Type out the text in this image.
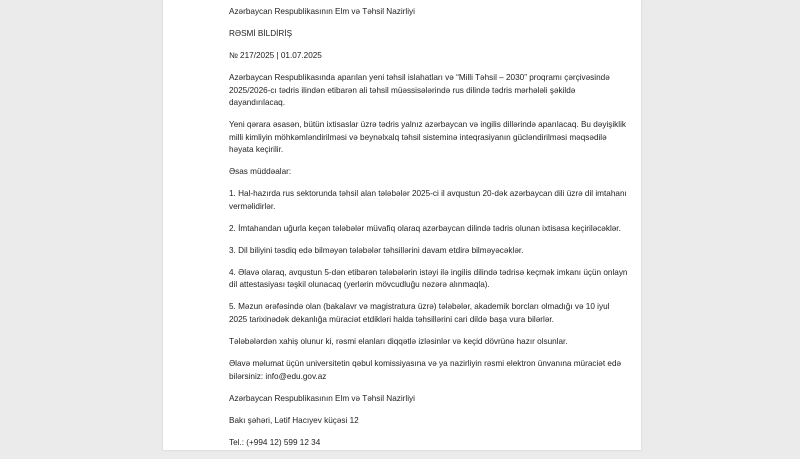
Azərbaycan Respublikasının Elm və Təhsil Nazirliyi

RƏSMİ BİLDİRİŞ

№ 217/2025 | 01.07.2025

Azərbaycan Respublikasında aparılan yeni təhsil islahatları və “Milli Təhsil – 2030” proqramı çərçivəsində 2025/2026-cı tədris ilindən etibarən ali təhsil müəssisələrində rus dilində tədris mərhələli şəkildə dayandırılacaq.

Yeni qərara əsasən, bütün ixtisaslar üzrə tədris yalnız azərbaycan və ingilis dillərində aparılacaq. Bu dəyişiklik milli kimliyin möhkəmləndirilməsi və beynəlxalq təhsil sisteminə inteqrasiyanın gücləndirilməsi məqsədilə həyata keçirilir.

Əsas müddəalar:

1. Hal-hazırda rus sektorunda təhsil alan tələbələr 2025-ci il avqustun 20-dək azərbaycan dili üzrə dil imtahanı verməlidirlər.

2. İmtahandan uğurla keçən tələbələr müvafiq olaraq azərbaycan dilində tədris olunan ixtisasa keçiriləcəklər.

3. Dil biliyini təsdiq edə bilməyən tələbələr təhsillərini davam etdirə bilməyəcəklər.

4. Əlavə olaraq, avqustun 5-dən etibarən tələbələrin istəyi ilə ingilis dilində tədrisə keçmək imkanı üçün onlayn dil attestasiyası təşkil olunacaq (yerlərin mövcudluğu nəzərə alınmaqla).

5. Məzun ərəfəsində olan (bakalavr və magistratura üzrə) tələbələr, akademik borcları olmadığı və 10 iyul 2025 tarixinədək dekanlığa müraciət etdikləri halda təhsillərini cari dildə başa vura bilərlər.

Tələbələrdən xahiş olunur ki, rəsmi elanları diqqətlə izləsinlər və keçid dövrünə hazır olsunlar.

Əlavə məlumat üçün universitetin qəbul komissiyasına və ya nazirliyin rəsmi elektron ünvanına müraciət edə bilərsiniz: info@edu.gov.az

Azərbaycan Respublikasının Elm və Təhsil Nazirliyi

Bakı şəhəri, Lətif Hacıyev küçəsi 12

Tel.: (+994 12) 599 12 34
